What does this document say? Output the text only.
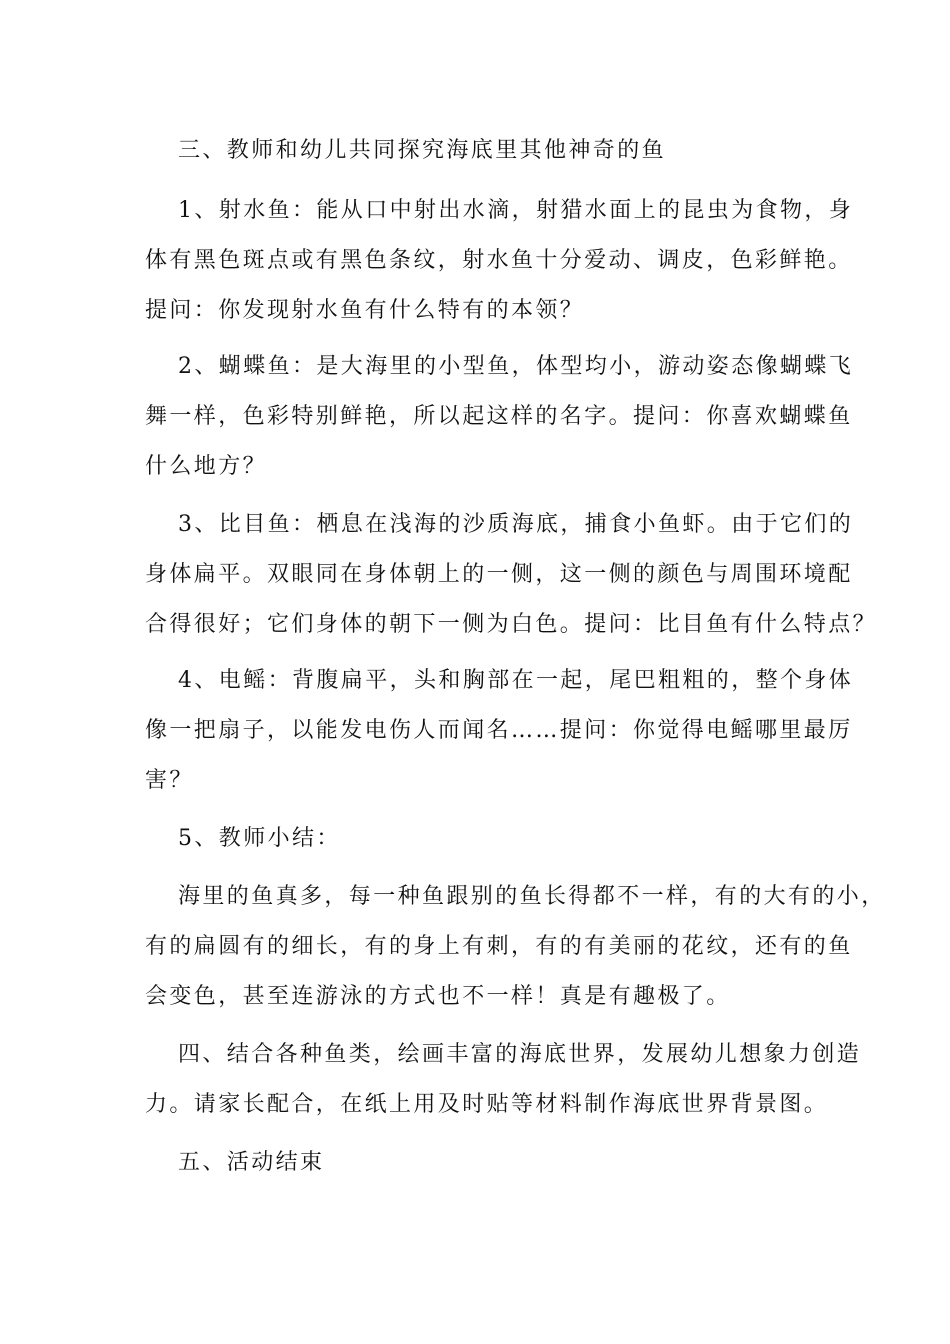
三、教师和幼儿共同探究海底里其他神奇的鱼

1、射水鱼：能从口中射出水滴，射猎水面上的昆虫为食物，身

体有黑色斑点或有黑色条纹，射水鱼十分爱动、调皮，色彩鲜艳。

提问：你发现射水鱼有什么特有的本领？

2、蝴蝶鱼：是大海里的小型鱼，体型均小，游动姿态像蝴蝶飞

舞一样，色彩特别鲜艳，所以起这样的名字。提问：你喜欢蝴蝶鱼

什么地方？

3、比目鱼：栖息在浅海的沙质海底，捕食小鱼虾。由于它们的

身体扁平。双眼同在身体朝上的一侧，这一侧的颜色与周围环境配

合得很好；它们身体的朝下一侧为白色。提问：比目鱼有什么特点？

4、电鳐：背腹扁平，头和胸部在一起，尾巴粗粗的，整个身体

像一把扇子，以能发电伤人而闻名……提问：你觉得电鳐哪里最厉

害？

5、教师小结：

海里的鱼真多，每一种鱼跟别的鱼长得都不一样，有的大有的小，

有的扁圆有的细长，有的身上有刺，有的有美丽的花纹，还有的鱼

会变色，甚至连游泳的方式也不一样！真是有趣极了。

四、结合各种鱼类，绘画丰富的海底世界，发展幼儿想象力创造

力。请家长配合，在纸上用及时贴等材料制作海底世界背景图。

五、活动结束
